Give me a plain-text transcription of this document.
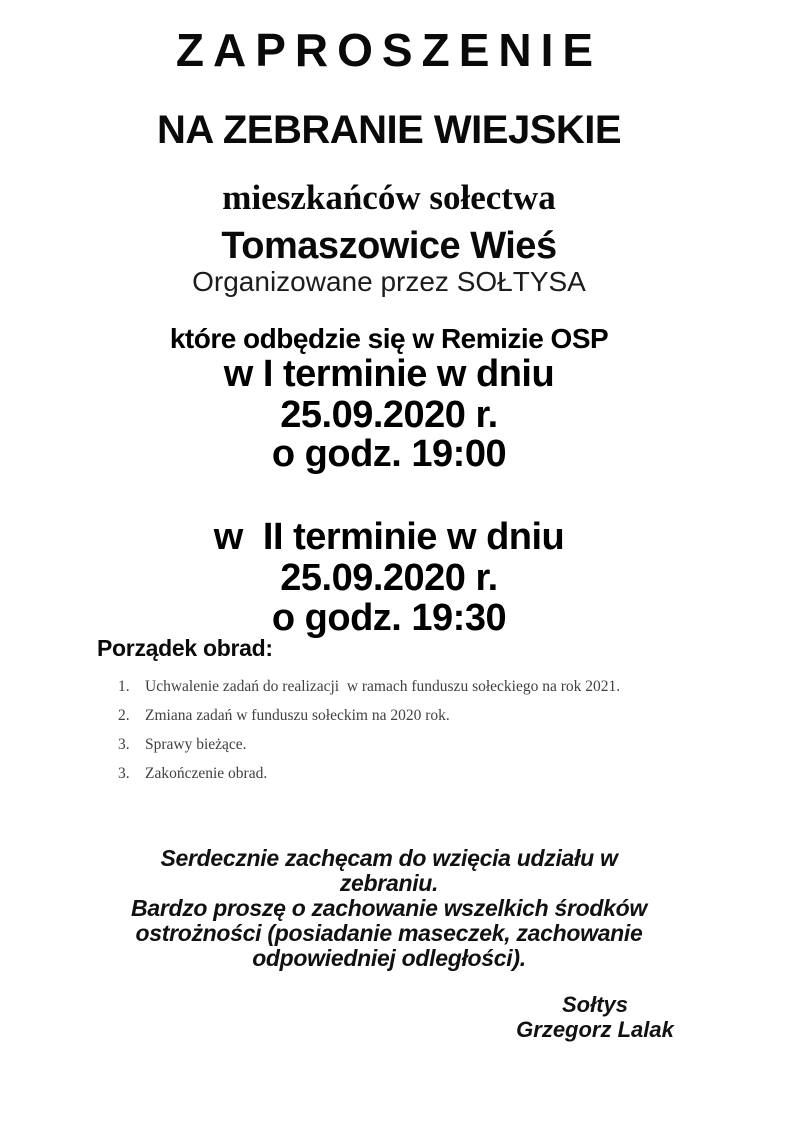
ZAPROSZENIE
NA ZEBRANIE WIEJSKIE
mieszkańców sołectwa
Tomaszowice Wieś
Organizowane przez SOŁTYSA
które odbędzie się w Remizie OSP
w I terminie w dniu
25.09.2020 r.
o godz. 19:00
w  II terminie w dniu
25.09.2020 r.
o godz. 19:30
Porządek obrad:
1. Uchwalenie zadań do realizacji  w ramach funduszu sołeckiego na rok 2021.
2. Zmiana zadań w funduszu sołeckim na 2020 rok.
3. Sprawy bieżące.
3. Zakończenie obrad.
Serdecznie zachęcam do wzięcia udziału w
zebraniu.
Bardzo proszę o zachowanie wszelkich środków
ostrożności (posiadanie maseczek, zachowanie
odpowiedniej odległości).
Sołtys
Grzegorz Lalak
